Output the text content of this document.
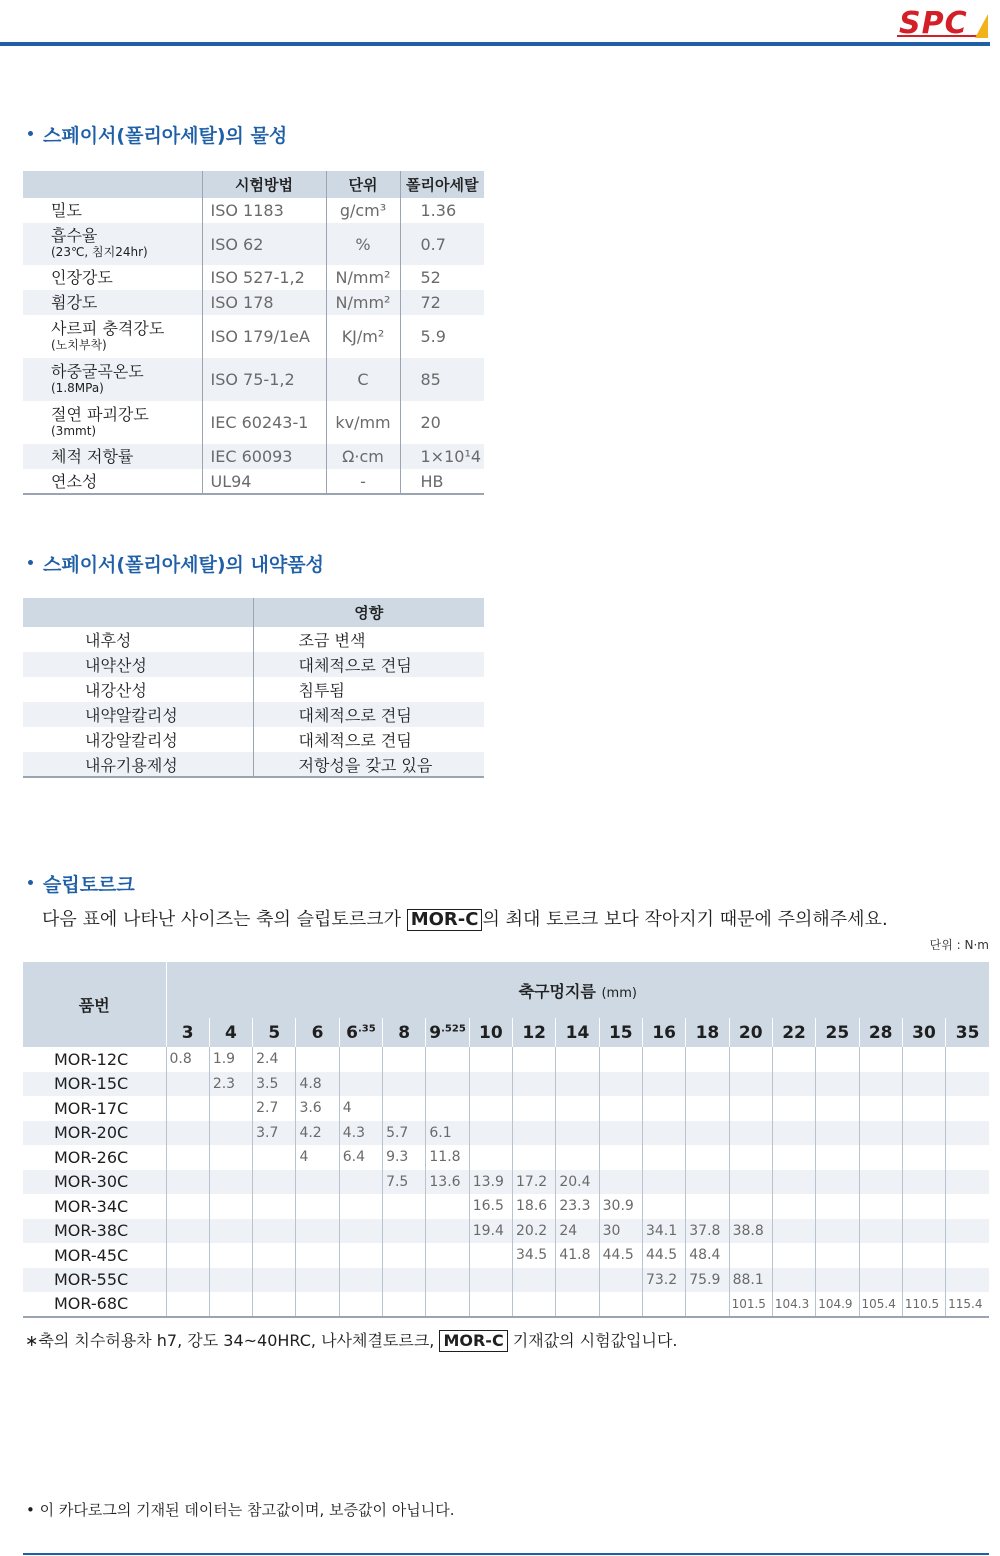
SPC
스페이서(폴리아세탈)의 물성
	시험방법	단위	폴리아세탈
밀도	ISO 1183	g/cm³	1.36
흡수율
(23℃, 침지24hr)	ISO 62	%	0.7
인장강도	ISO 527-1,2	N/mm²	52
휨강도	ISO 178	N/mm²	72
사르피 충격강도
(노치부착)	ISO 179/1eA	KJ/m²	5.9
하중굴곡온도
(1.8MPa)	ISO 75-1,2	C	85
절연 파괴강도
(3mmt)	IEC 60243-1	kv/mm	20
체적 저항률	IEC 60093	Ω·cm	1×10¹4
연소성	UL94	-	HB
스페이서(폴리아세탈)의 내약품성
	영향
내후성	조금 변색
내약산성	대체적으로 견딤
내강산성	침투됨
내약알칼리성	대체적으로 견딤
내강알칼리성	대체적으로 견딤
내유기용제성	저항성을 갖고 있음
슬립토르크
다음 표에 나타난 사이즈는 축의 슬립토르크가 MOR-C 의 최대 토르크 보다 작아지기 때문에 주의해주세요.
단위 : N·m
품번	축구멍지름 (mm)																		
	3	4	5	6	$6^{.35}$	8	$9^{.525}$	10	12	14	15	16	18	20	22	25	28	30	35
MOR-12C	0.8	1.9	2.4																
MOR-15C		2.3	3.5	4.8															
MOR-17C			2.7	3.6	4														
MOR-20C			3.7	4.2	4.3	5.7	6.1												
MOR-26C				4	6.4	9.3	11.8												
MOR-30C						7.5	13.6	13.9	17.2	20.4									
MOR-34C								16.5	18.6	23.3	30.9								
MOR-38C								19.4	20.2	24	30	34.1	37.8	38.8					
MOR-45C									34.5	41.8	44.5	44.5	48.4						
MOR-55C												73.2	75.9	88.1					
MOR-68C														101.5	104.3	104.9	105.4	110.5	115.4
∗축의 치수허용차 h7, 강도 34~40HRC, 나사체결토르크, MOR-C 기재값의 시험값입니다.
• 이 카다로그의 기재된 데이터는 참고값이며, 보증값이 아닙니다.
